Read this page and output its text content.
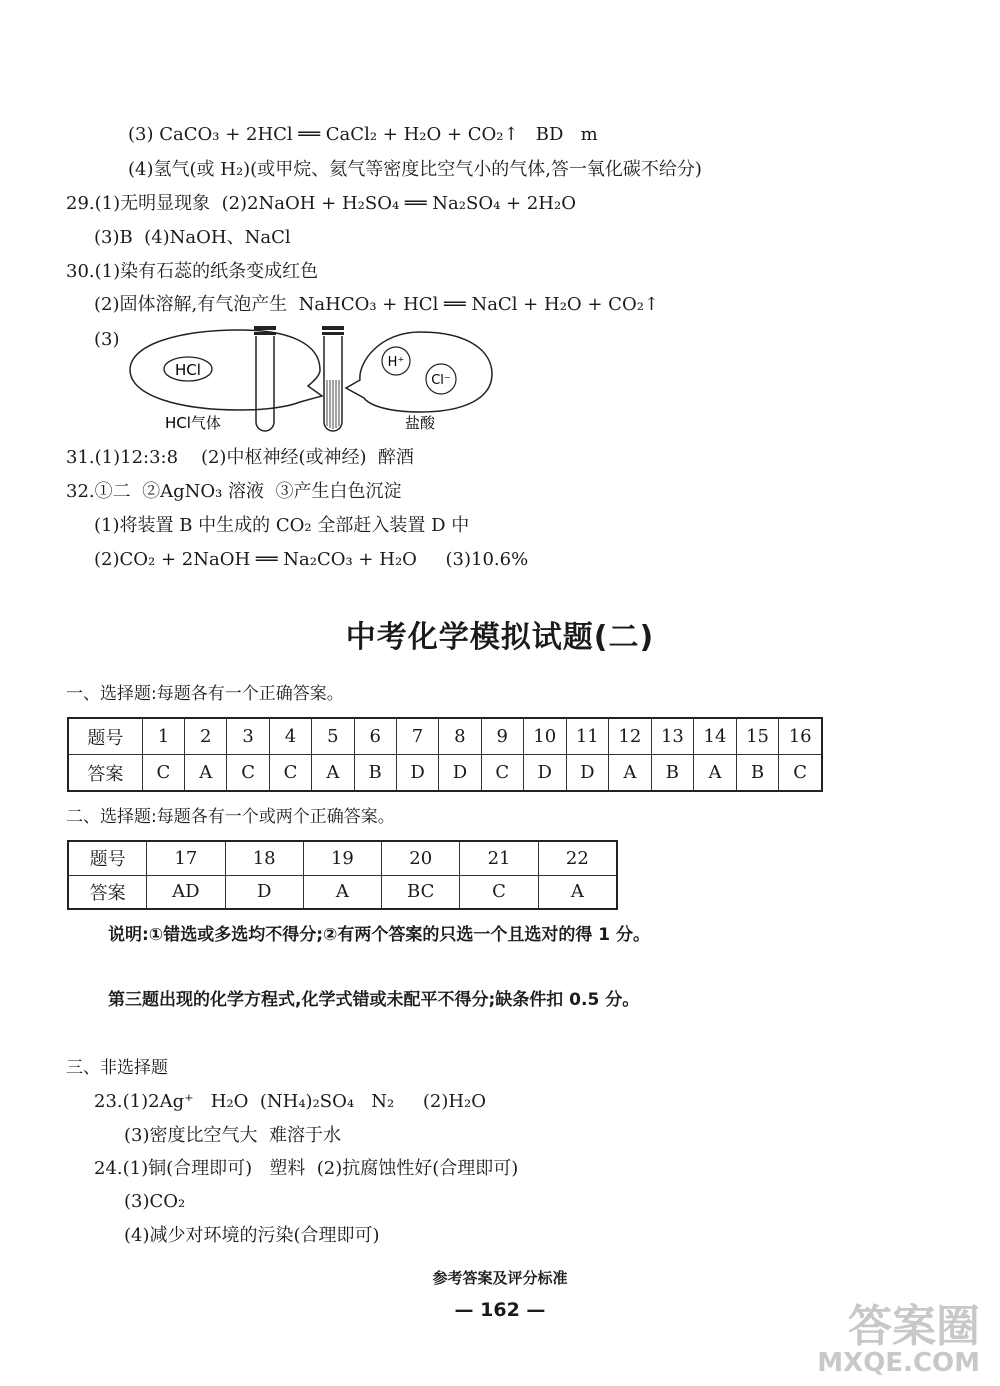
(3) CaCO₃ + 2HCl ══ CaCl₂ + H₂O + CO₂↑   BD   m
(4)氢气(或 H₂)(或甲烷、氦气等密度比空气小的气体,答一氧化碳不给分)
29.(1)无明显现象  (2)2NaOH + H₂SO₄ ══ Na₂SO₄ + 2H₂O
(3)B  (4)NaOH、NaCl
30.(1)染有石蕊的纸条变成红色
(2)固体溶解,有气泡产生  NaHCO₃ + HCl ══ NaCl + H₂O + CO₂↑
(3)
HCl	H⁺
Cl⁻
HCl气体	盐酸
31.(1)12:3:8    (2)中枢神经(或神经)  醉酒
32.①二  ②AgNO₃ 溶液  ③产生白色沉淀
(1)将装置 B 中生成的 CO₂ 全部赶入装置 D 中
(2)CO₂ + 2NaOH ══ Na₂CO₃ + H₂O     (3)10.6%
中考化学模拟试题(二)
一、选择题:每题各有一个正确答案。
题号	1	2	3	4	5	6	7	8	9	10	11	12	13	14	15	16
答案	C	A	C	C	A	B	D	D	C	D	D	A	B	A	B	C
二、选择题:每题各有一个或两个正确答案。
题号	17	18	19	20	21	22
答案	AD	D	A	BC	C	A
说明:①错选或多选均不得分;②有两个答案的只选一个且选对的得 1 分。
第三题出现的化学方程式,化学式错或未配平不得分;缺条件扣 0.5 分。
三、非选择题
23.(1)2Ag⁺   H₂O  (NH₄)₂SO₄   N₂     (2)H₂O
(3)密度比空气大  难溶于水
24.(1)铜(合理即可)   塑料  (2)抗腐蚀性好(合理即可)
(3)CO₂
(4)减少对环境的污染(合理即可)
参考答案及评分标准
— 162 —	答案圈
MXQE.COM
